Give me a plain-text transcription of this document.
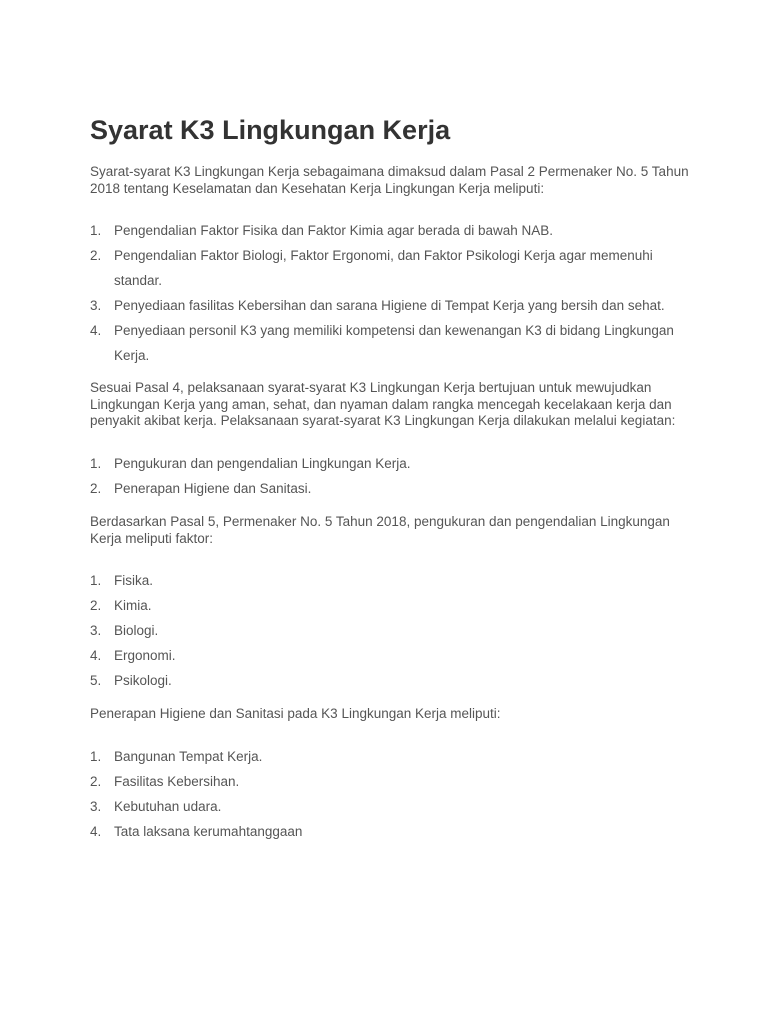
Syarat K3 Lingkungan Kerja

Syarat-syarat K3 Lingkungan Kerja sebagaimana dimaksud dalam Pasal 2 Permenaker No. 5 Tahun 2018 tentang Keselamatan dan Kesehatan Kerja Lingkungan Kerja meliputi:

1. Pengendalian Faktor Fisika dan Faktor Kimia agar berada di bawah NAB.
2. Pengendalian Faktor Biologi, Faktor Ergonomi, dan Faktor Psikologi Kerja agar memenuhi standar.
3. Penyediaan fasilitas Kebersihan dan sarana Higiene di Tempat Kerja yang bersih dan sehat.
4. Penyediaan personil K3 yang memiliki kompetensi dan kewenangan K3 di bidang Lingkungan Kerja.

Sesuai Pasal 4, pelaksanaan syarat-syarat K3 Lingkungan Kerja bertujuan untuk mewujudkan Lingkungan Kerja yang aman, sehat, dan nyaman dalam rangka mencegah kecelakaan kerja dan penyakit akibat kerja. Pelaksanaan syarat-syarat K3 Lingkungan Kerja dilakukan melalui kegiatan:

1. Pengukuran dan pengendalian Lingkungan Kerja.
2. Penerapan Higiene dan Sanitasi.

Berdasarkan Pasal 5, Permenaker No. 5 Tahun 2018, pengukuran dan pengendalian Lingkungan Kerja meliputi faktor:

1. Fisika.
2. Kimia.
3. Biologi.
4. Ergonomi.
5. Psikologi.

Penerapan Higiene dan Sanitasi pada K3 Lingkungan Kerja meliputi:

1. Bangunan Tempat Kerja.
2. Fasilitas Kebersihan.
3. Kebutuhan udara.
4. Tata laksana kerumahtanggaan
